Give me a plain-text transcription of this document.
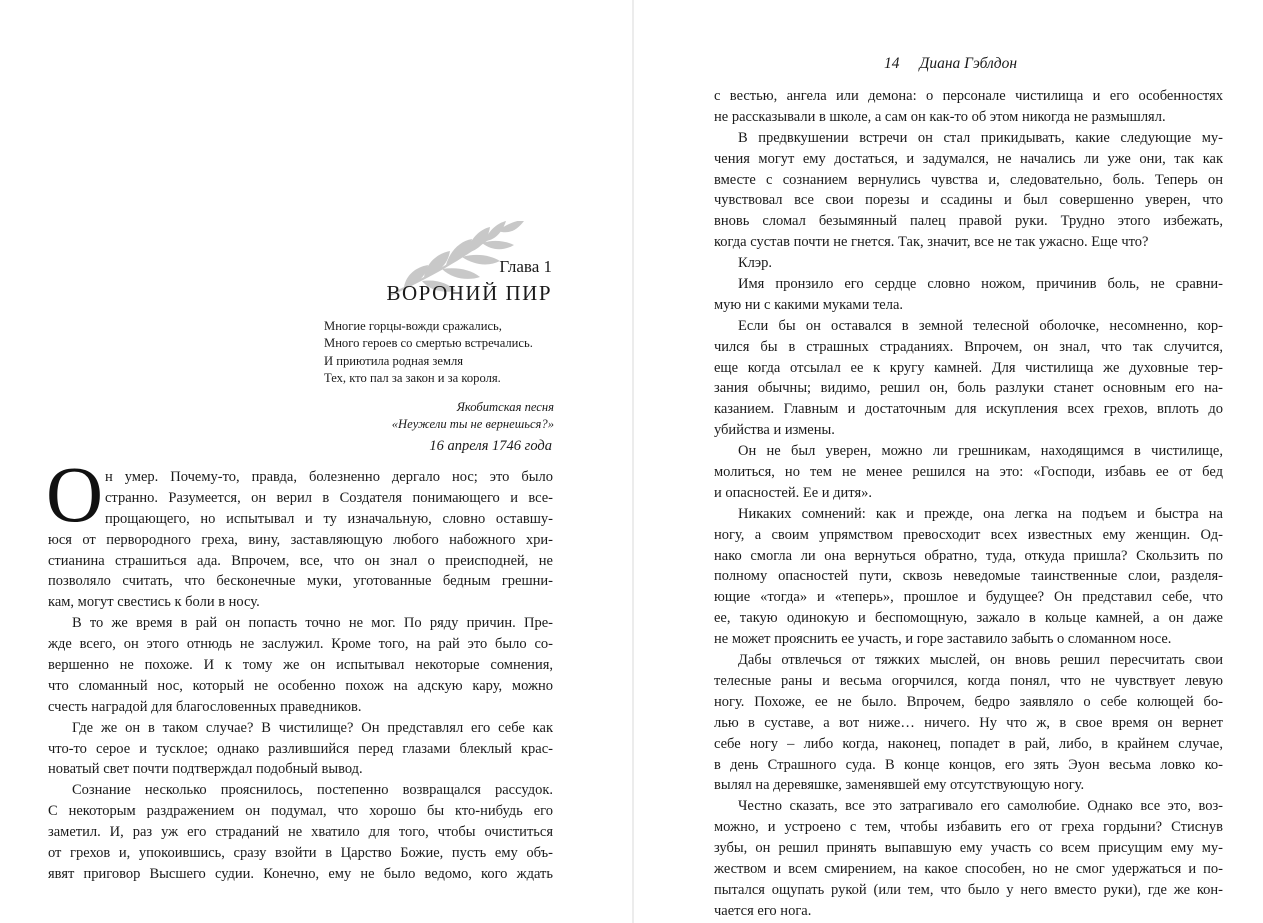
Глава 1
ВОРОНИЙ ПИР
Многие горцы-вожди сражались,
Много героев со смертью встречались.
И приютила родная земля
Тех, кто пал за закон и за короля.
Якобитская песня
«Неужели ты не вернешься?»
16 апреля 1746 года
О н умер. Почему-то, правда, болезненно дергало нос; это было
странно. Разумеется, он верил в Создателя понимающего и все-
прощающего, но испытывал и ту изначальную, словно оставшу-
юся от первородного греха, вину, заставляющую любого набожного хри-
стианина страшиться ада. Впрочем, все, что он знал о преисподней, не
позволяло считать, что бесконечные муки, уготованные бедным грешни-
кам, могут свестись к боли в носу.
В то же время в рай он попасть точно не мог. По ряду причин. Пре-
жде всего, он этого отнюдь не заслужил. Кроме того, на рай это было со-
вершенно не похоже. И к тому же он испытывал некоторые сомнения,
что сломанный нос, который не особенно похож на адскую кару, можно
счесть наградой для благословенных праведников.
Где же он в таком случае? В чистилище? Он представлял его себе как
что-то серое и тусклое; однако разлившийся перед глазами блеклый крас-
новатый свет почти подтверждал подобный вывод.
Сознание несколько прояснилось, постепенно возвращался рассудок.
С некоторым раздражением он подумал, что хорошо бы кто-нибудь его
заметил. И, раз уж его страданий не хватило для того, чтобы очиститься
от грехов и, упокоившись, сразу взойти в Царство Божие, пусть ему объ-
явят приговор Высшего судии. Конечно, ему не было ведомо, кого ждать
14 Диана Гэблдон
с вестью, ангела или демона: о персонале чистилища и его особенностях
не рассказывали в школе, а сам он как-то об этом никогда не размышлял.
В предвкушении встречи он стал прикидывать, какие следующие му-
чения могут ему достаться, и задумался, не начались ли уже они, так как
вместе с сознанием вернулись чувства и, следовательно, боль. Теперь он
чувствовал все свои порезы и ссадины и был совершенно уверен, что
вновь сломал безымянный палец правой руки. Трудно этого избежать,
когда сустав почти не гнется. Так, значит, все не так ужасно. Еще что?
Клэр.
Имя пронзило его сердце словно ножом, причинив боль, не сравни-
мую ни с какими муками тела.
Если бы он оставался в земной телесной оболочке, несомненно, кор-
чился бы в страшных страданиях. Впрочем, он знал, что так случится,
еще когда отсылал ее к кругу камней. Для чистилища же духовные тер-
зания обычны; видимо, решил он, боль разлуки станет основным его на-
казанием. Главным и достаточным для искупления всех грехов, вплоть до
убийства и измены.
Он не был уверен, можно ли грешникам, находящимся в чистилище,
молиться, но тем не менее решился на это: «Господи, избавь ее от бед
и опасностей. Ее и дитя».
Никаких сомнений: как и прежде, она легка на подъем и быстра на
ногу, а своим упрямством превосходит всех известных ему женщин. Од-
нако смогла ли она вернуться обратно, туда, откуда пришла? Скользить по
полному опасностей пути, сквозь неведомые таинственные слои, разделя-
ющие «тогда» и «теперь», прошлое и будущее? Он представил себе, что
ее, такую одинокую и беспомощную, зажало в кольце камней, а он даже
не может прояснить ее участь, и горе заставило забыть о сломанном носе.
Дабы отвлечься от тяжких мыслей, он вновь решил пересчитать свои
телесные раны и весьма огорчился, когда понял, что не чувствует левую
ногу. Похоже, ее не было. Впрочем, бедро заявляло о себе колющей бо-
лью в суставе, а вот ниже… ничего. Ну что ж, в свое время он вернет
себе ногу – либо когда, наконец, попадет в рай, либо, в крайнем случае,
в день Страшного суда. В конце концов, его зять Эуон весьма ловко ко-
вылял на деревяшке, заменявшей ему отсутствующую ногу.
Честно сказать, все это затрагивало его самолюбие. Однако все это, воз-
можно, и устроено с тем, чтобы избавить его от греха гордыни? Стиснув
зубы, он решил принять выпавшую ему участь со всем присущим ему му-
жеством и всем смирением, на какое способен, но не смог удержаться и по-
пытался ощупать рукой (или тем, что было у него вместо руки), где же кон-
чается его нога.
